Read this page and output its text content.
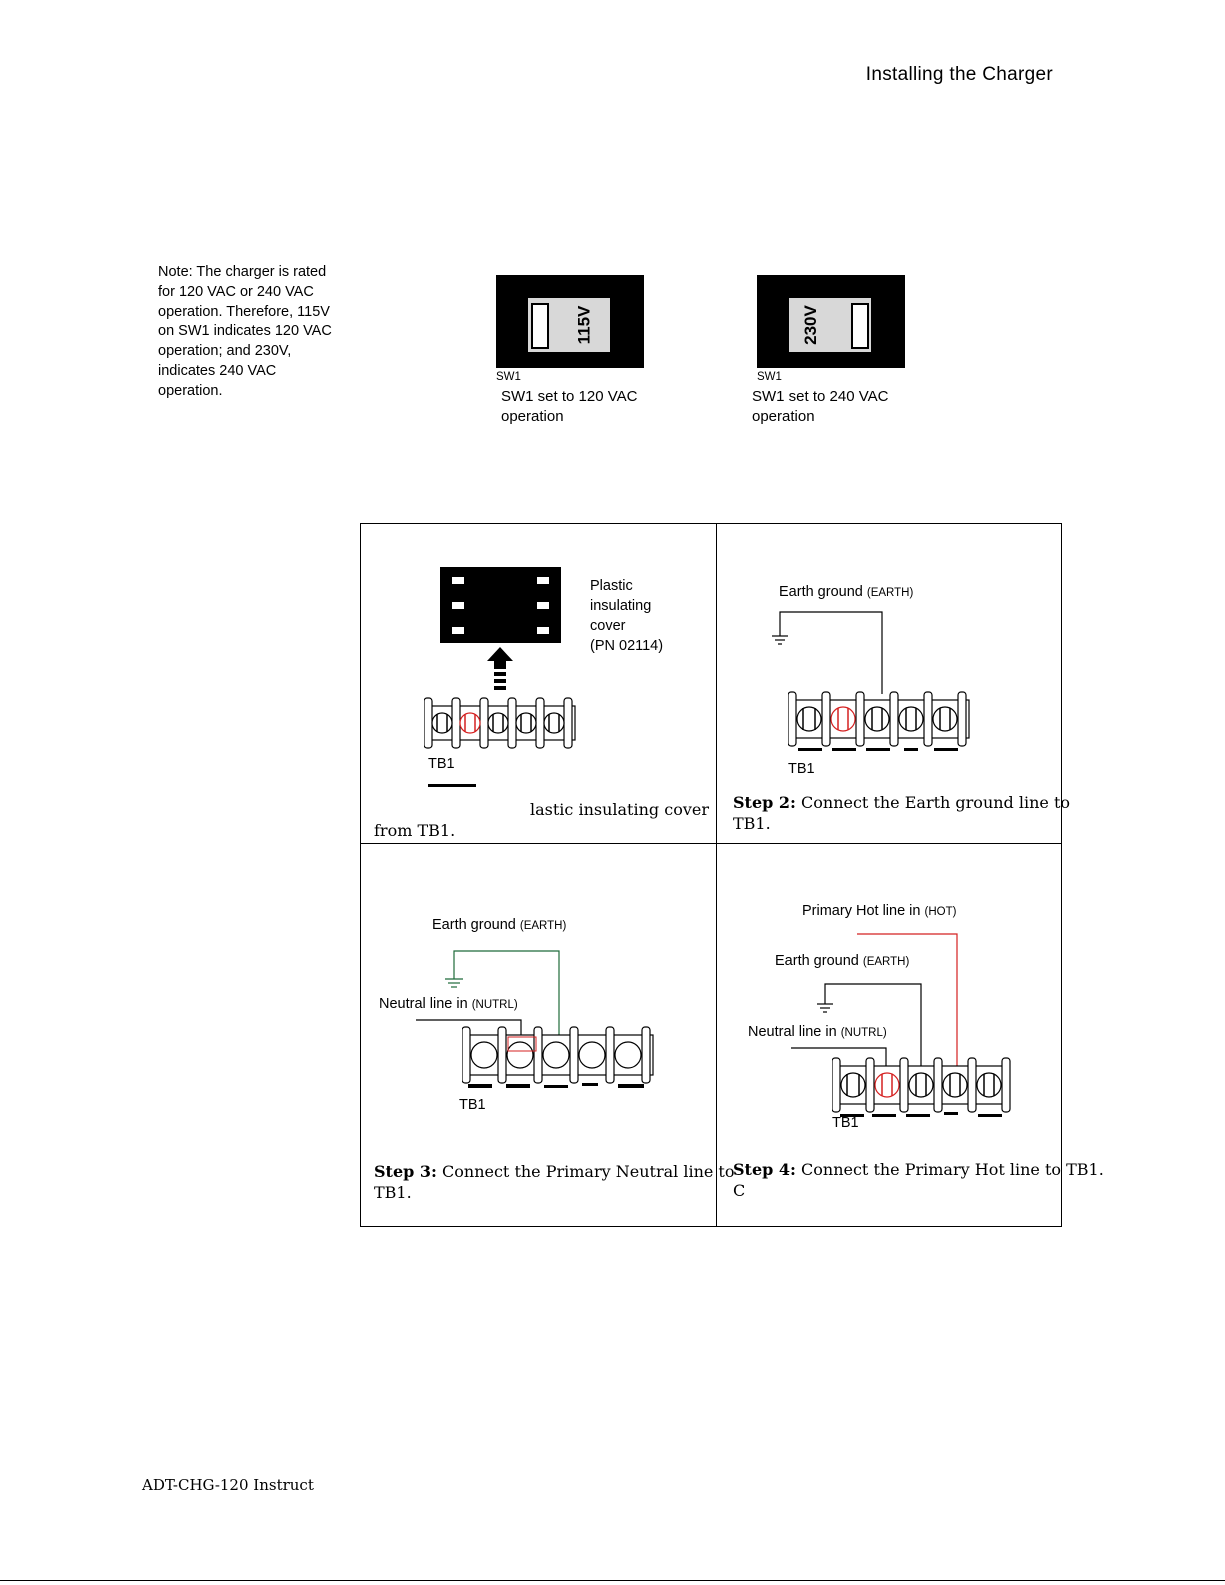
Installing the Charger
Note: The charger is rated
for 120 VAC or 240 VAC
operation. Therefore, 115V
on SW1 indicates 120 VAC
operation; and 230V,
indicates 240 VAC
operation.
115V
SW1
SW1 set to 120 VAC
operation
230V
SW1
SW1 set to 240 VAC
operation
Plastic
insulating
cover
(PN 02114)
TB1
lastic insulating cover
from TB1.
Earth ground (EARTH)
TB1
Step 2: Connect the Earth ground line to
TB1.
Earth ground (EARTH)
Neutral line in (NUTRL)
TB1
Step 3: Connect the Primary Neutral line to
TB1.
Primary Hot line in (HOT)
Earth ground (EARTH)
Neutral line in (NUTRL)
TB1
Step 4: Connect the Primary Hot line to TB1.
C
ADT-CHG-120 Instruct
